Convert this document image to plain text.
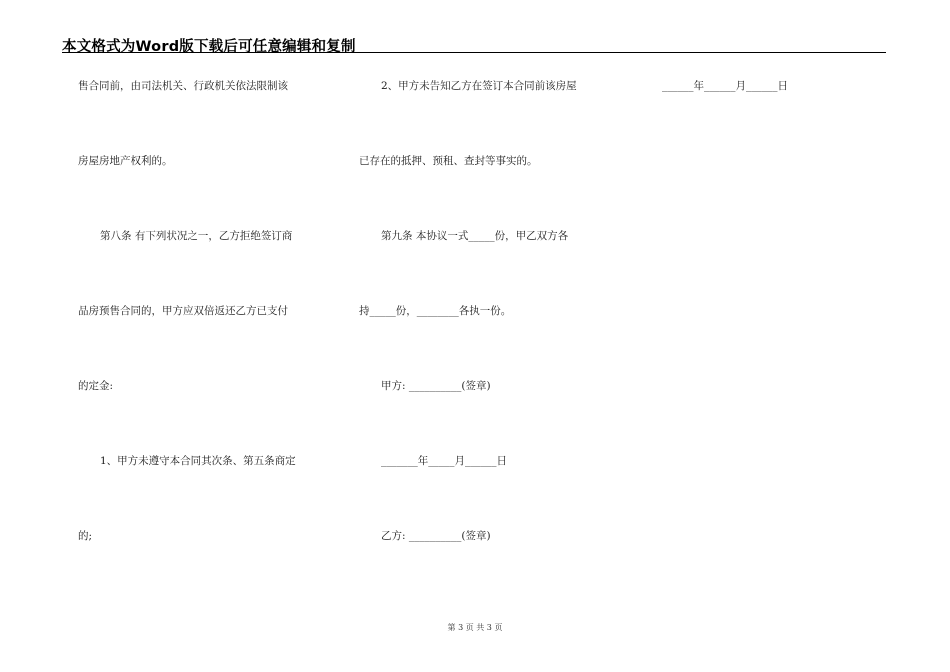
本文格式为Word版下载后可任意编辑和复制
售合同前，由司法机关、行政机关依法限制该
房屋房地产权利的。
第八条 有下列状况之一，乙方拒绝签订商
品房预售合同的，甲方应双倍返还乙方已支付
的定金:
1、甲方未遵守本合同其次条、第五条商定
的;
2、甲方未告知乙方在签订本合同前该房屋
已存在的抵押、预租、查封等事实的。
第九条 本协议一式_____份，甲乙双方各
持_____份，________各执一份。
甲方: __________(签章)
_______年_____月______日
乙方: __________(签章)
______年______月______日
第 3 页 共 3 页
